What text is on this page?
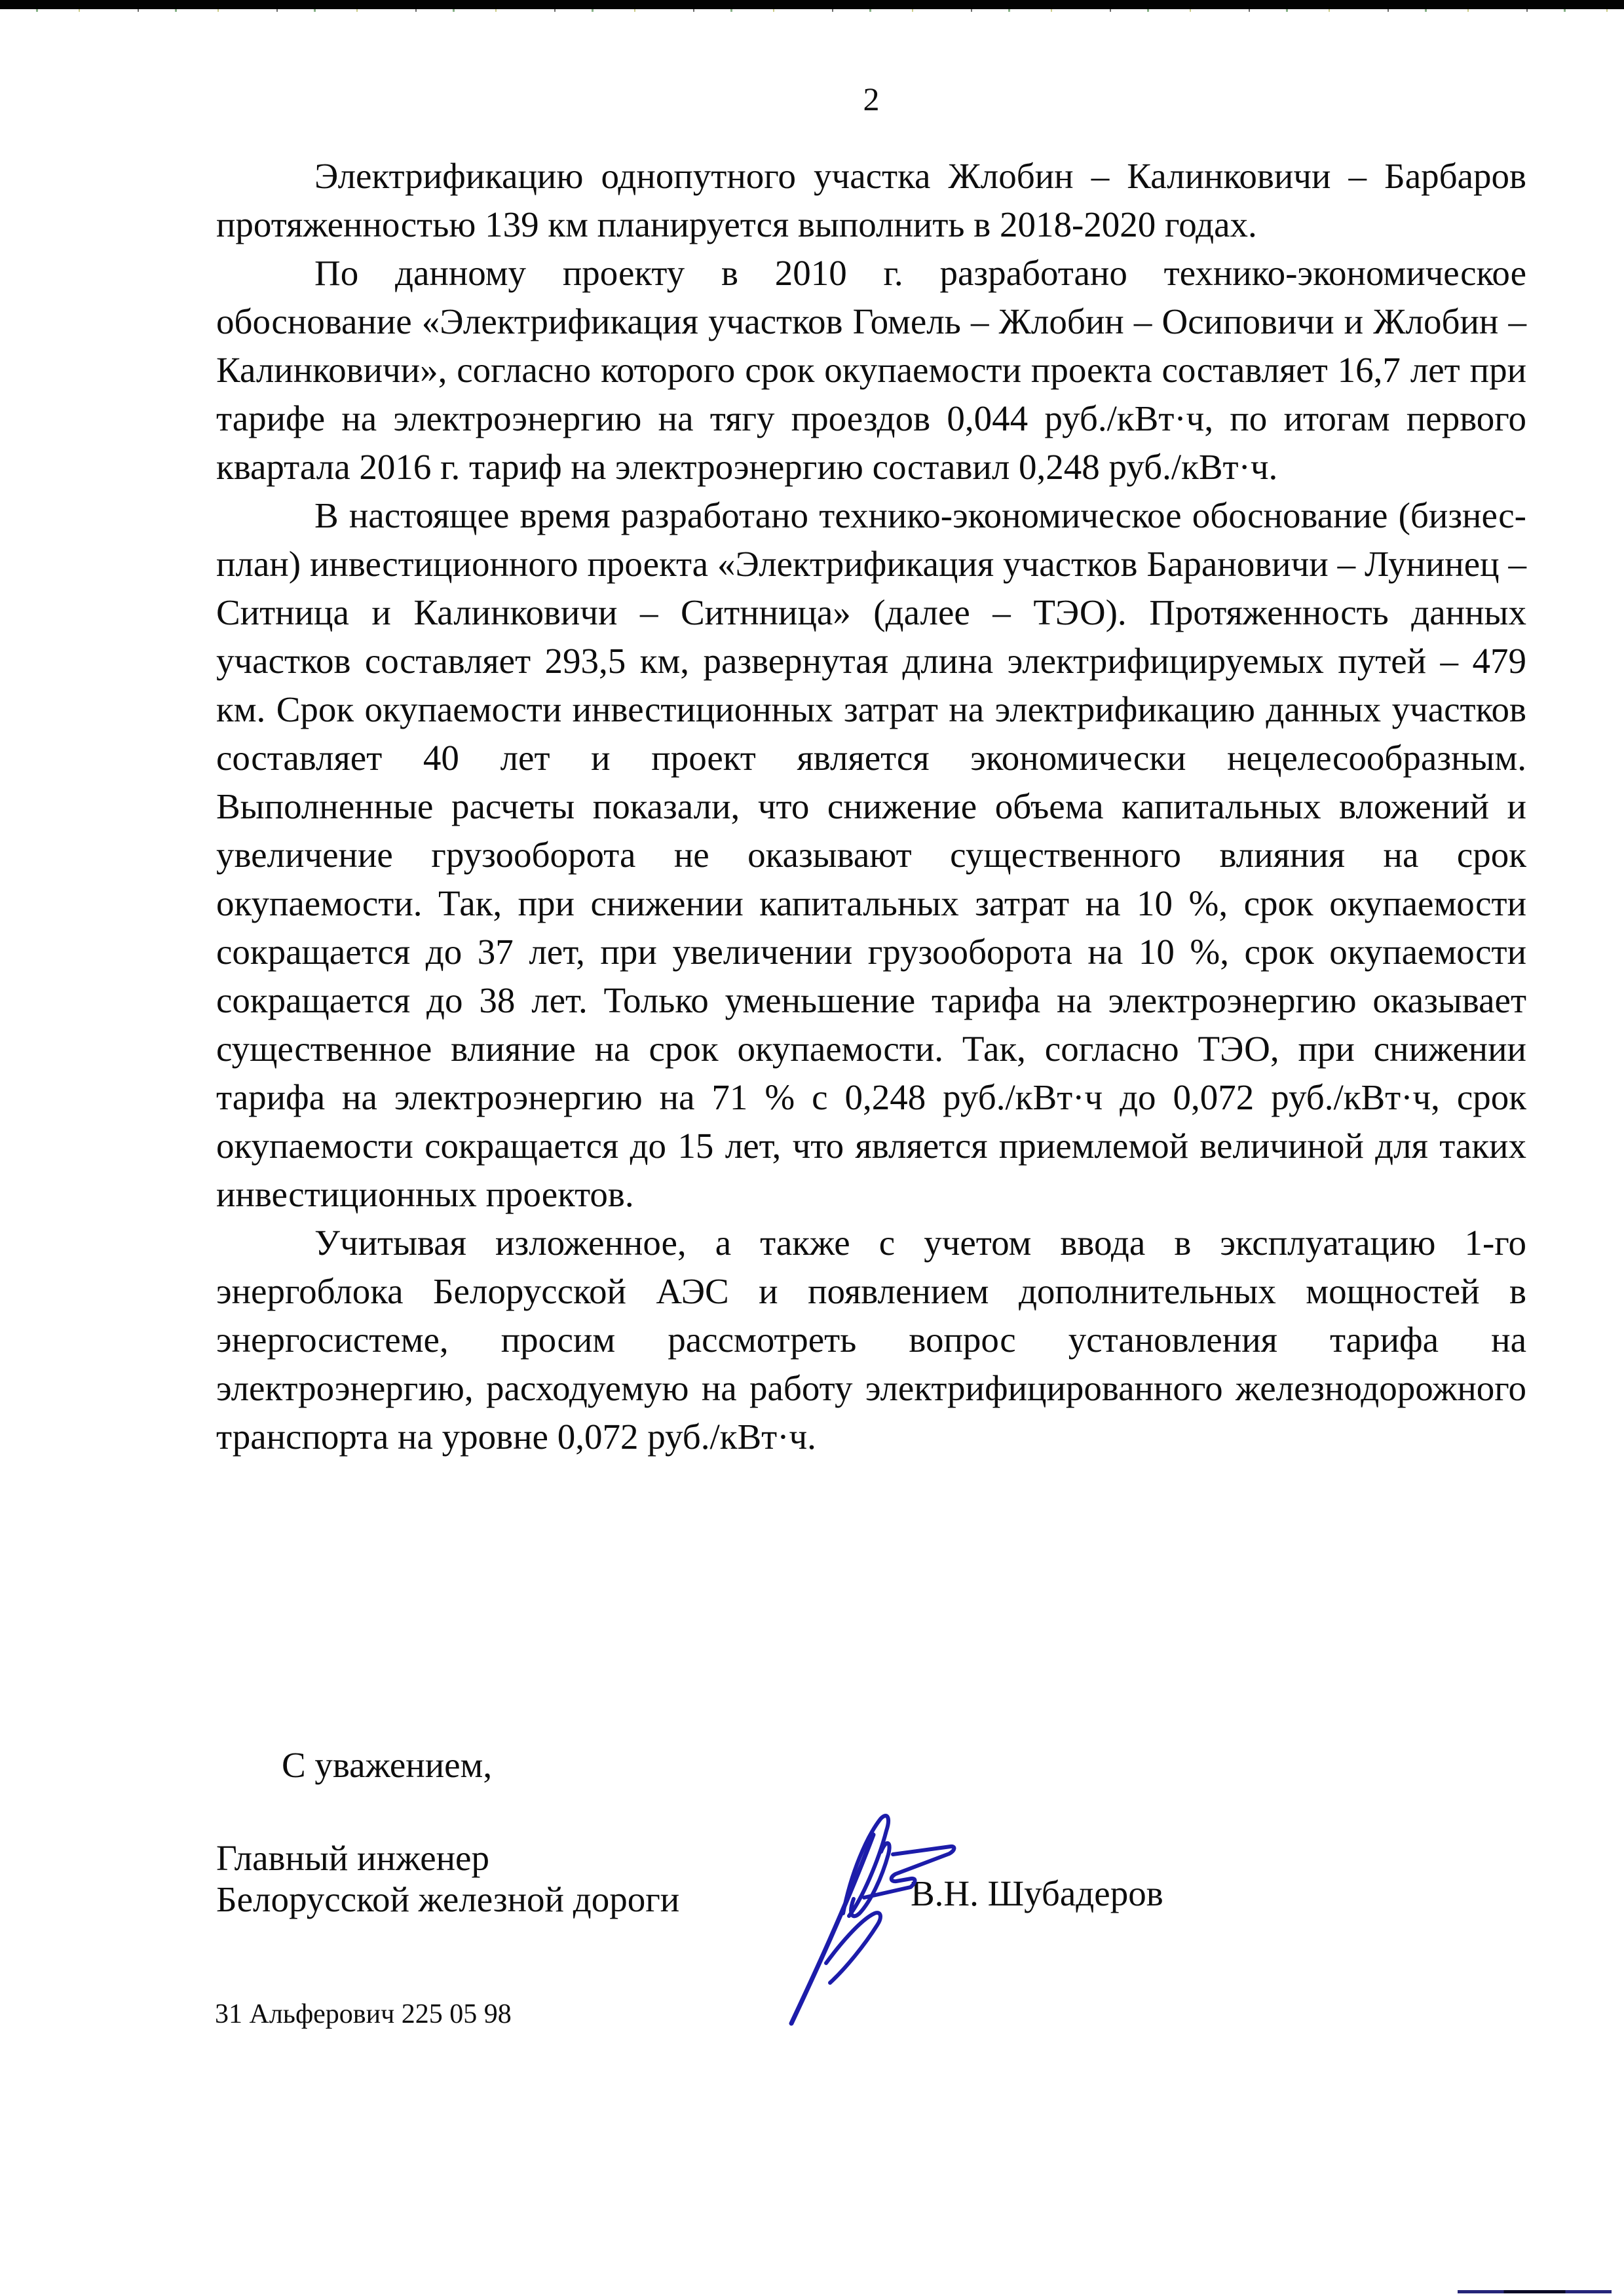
2

Электрификацию однопутного участка Жлобин – Калинковичи – Барбаров протяженностью 139 км планируется выполнить в 2018-2020 годах.

По данному проекту в 2010 г. разработано технико-экономическое обоснование «Электрификация участков Гомель – Жлобин – Осиповичи и Жлобин – Калинковичи», согласно которого срок окупаемости проекта составляет 16,7 лет при тарифе на электроэнергию на тягу проездов 0,044 руб./кВт·ч, по итогам первого квартала 2016 г. тариф на электроэнергию составил 0,248 руб./кВт·ч.

В настоящее время разработано технико-экономическое обоснование (бизнес-план) инвестиционного проекта «Электрификация участков Барановичи – Лунинец – Ситница и Калинковичи – Ситнница» (далее – ТЭО). Протяженность данных участков составляет 293,5 км, развернутая длина электрифицируемых путей – 479 км. Срок окупаемости инвестиционных затрат на электрификацию данных участков составляет 40 лет и проект является экономически нецелесообразным. Выполненные расчеты показали, что снижение объема капитальных вложений и увеличение грузооборота не оказывают существенного влияния на срок окупаемости. Так, при снижении капитальных затрат на 10 %, срок окупаемости сокращается до 37 лет, при увеличении грузооборота на 10 %, срок окупаемости сокращается до 38 лет. Только уменьшение тарифа на электроэнергию оказывает существенное влияние на срок окупаемости. Так, согласно ТЭО, при снижении тарифа на электроэнергию на 71 % с 0,248 руб./кВт·ч до 0,072 руб./кВт·ч, срок окупаемости сокращается до 15 лет, что является приемлемой величиной для таких инвестиционных проектов.

Учитывая изложенное, а также с учетом ввода в эксплуатацию 1-го энергоблока Белорусской АЭС и появлением дополнительных мощностей в энергосистеме, просим рассмотреть вопрос установления тарифа на электроэнергию, расходуемую на работу электрифицированного железнодорожного транспорта на уровне 0,072 руб./кВт·ч.

С уважением,
Главный инженер
Белорусской железной дороги	В.Н. Шубадеров
31 Альферович 225 05 98
